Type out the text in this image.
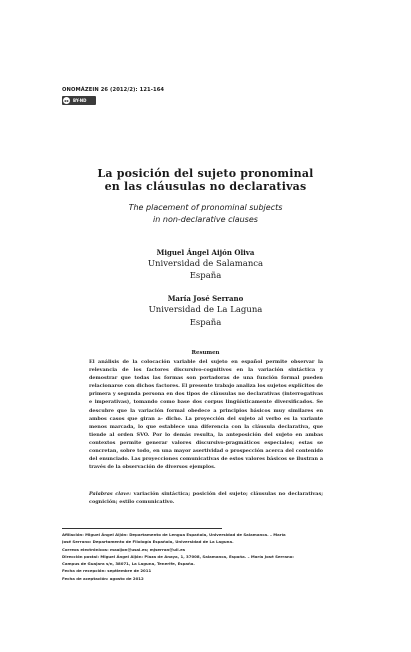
ONOMÁZEIN 26 (2012/2): 121-164
cc	BY-ND
La posición del sujeto pronominal
en las cláusulas no declarativas
The placement of pronominal subjects
in non-declarative clauses
Miguel Ángel Aijón Oliva
Universidad de Salamanca
España
María José Serrano
Universidad de La Laguna
España
Resumen
El análisis de la colocación variable del sujeto en español permite observar la relevancia de los factores discursivo-cognitivos en la variación sintáctica y demostrar que todas las formas son portadoras de una función formal pueden relacionarse con dichos factores. El presente trabajo analiza los sujetos explícitos de primera y segunda persona en dos tipos de cláusulas no declarativas (interrogativas e imperativas), tomando como base dos corpus lingüísticamente diversificados. Se descubre que la variación formal obedece a principios básicos muy similares en ambos casos que giran a- dicho. La proyección del sujeto al verbo es la variante menos marcada, lo que establece una diferencia con la cláusula declarativa, que tiende al orden SVO. Por lo demás resulta, la anteposición del sujeto en ambas contextos permite generar valores discursivo-pragmáticos especiales; estas se concretan, sobre todo, en una mayor asertividad o prospección acerca del contenido del enunciado. Las proyecciones comunicativas de estos valores básicos se ilustran a través de la observación de diversos ejemplos.
Palabras clave: variación sintáctica; posición del sujeto; cláusulas no declarativas; cognición; estilo comunicativo.
Afiliación: Miguel Ángel Aijón: Departamento de Lengua Española, Universidad de Salamanca. – María
José Serrano: Departamento de Filología Española, Universidad de La Laguna.
Correos electrónicos: maaijon@usal.es; mjserran@ull.es
Dirección postal: Miguel Ángel Aijón: Plaza de Anaya, 1, 37008, Salamanca, España. – María José Serrano:
Campus de Guajara s/n, 38071, La Laguna, Tenerife, España.
Fecha de recepción: septiembre de 2011
Fecha de aceptación: agosto de 2012
